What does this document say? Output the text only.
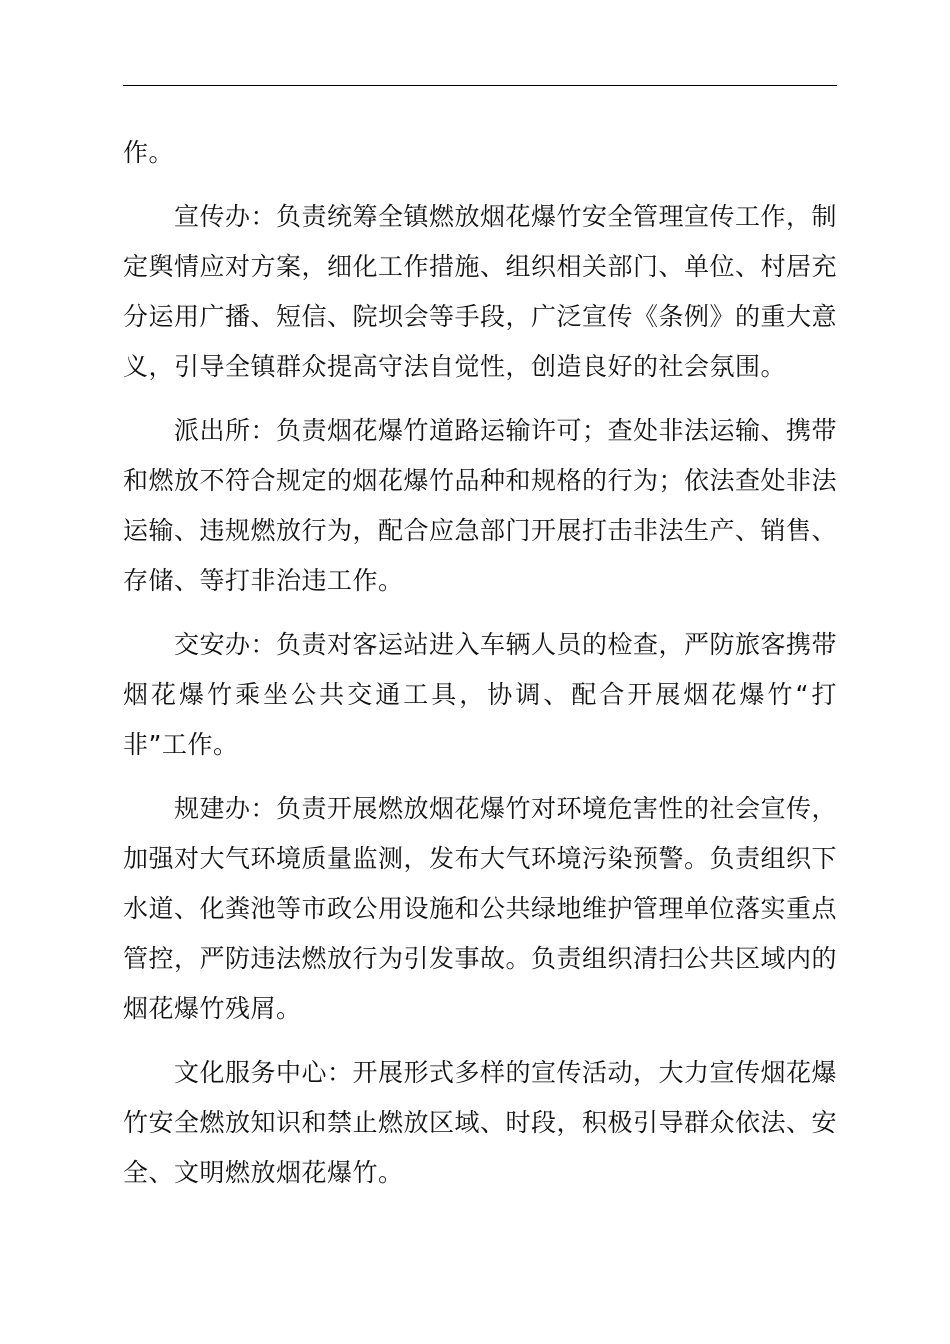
作。

宣传办：负责统筹全镇燃放烟花爆竹安全管理宣传工作，制定舆情应对方案，细化工作措施、组织相关部门、单位、村居充分运用广播、短信、院坝会等手段，广泛宣传《条例》的重大意义，引导全镇群众提高守法自觉性，创造良好的社会氛围。

派出所：负责烟花爆竹道路运输许可；查处非法运输、携带和燃放不符合规定的烟花爆竹品种和规格的行为；依法查处非法运输、违规燃放行为，配合应急部门开展打击非法生产、销售、存储、等打非治违工作。

交安办：负责对客运站进入车辆人员的检查，严防旅客携带烟花爆竹乘坐公共交通工具，协调、配合开展烟花爆竹“打非”工作。

规建办：负责开展燃放烟花爆竹对环境危害性的社会宣传，加强对大气环境质量监测，发布大气环境污染预警。负责组织下水道、化粪池等市政公用设施和公共绿地维护管理单位落实重点管控，严防违法燃放行为引发事故。负责组织清扫公共区域内的烟花爆竹残屑。

文化服务中心：开展形式多样的宣传活动，大力宣传烟花爆竹安全燃放知识和禁止燃放区域、时段，积极引导群众依法、安全、文明燃放烟花爆竹。
